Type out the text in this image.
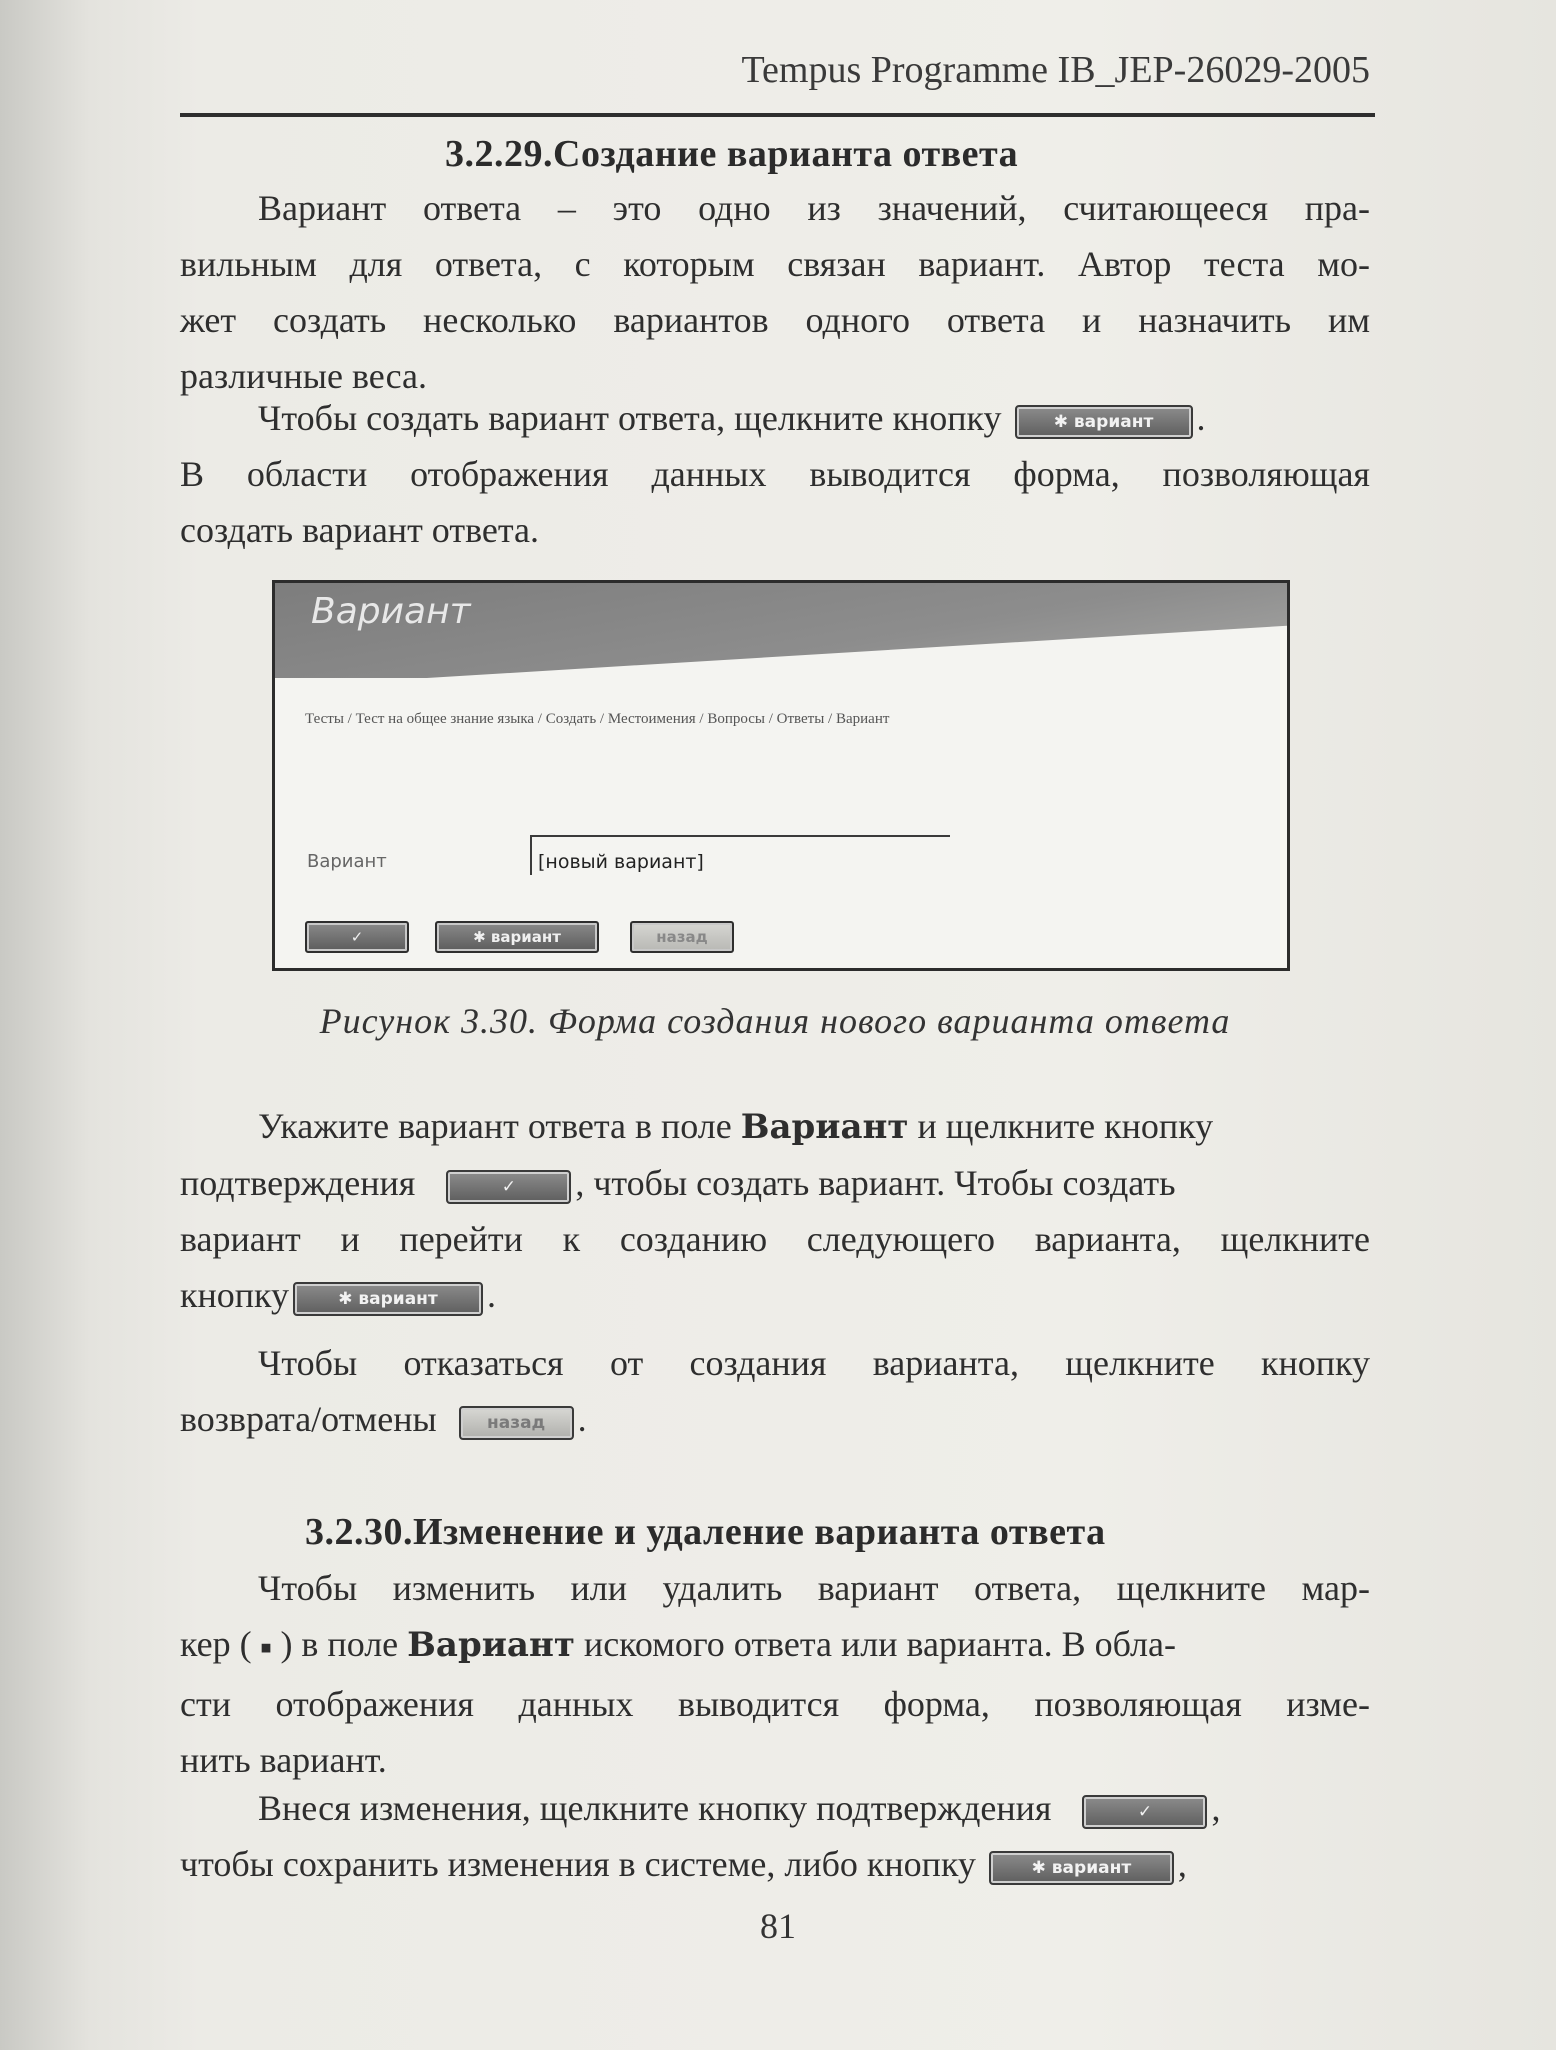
Tempus Programme IB_JEP-26029-2005
3.2.29.Создание варианта ответа
Вариант ответа – это одно из значений, считающееся пра-
вильным для ответа, с которым связан вариант. Автор теста мо-
жет создать несколько вариантов одного ответа и назначить им
различные веса.
Чтобы создать вариант ответа, щелкните кнопку	✱ вариант .
В области отображения данных выводится форма, позволяющая
создать вариант ответа.
Вариант
Тесты / Тест на общее знание языка / Создать / Местоимения / Вопросы / Ответы / Вариант
Вариант	[новый вариант]
✓	✱ вариант	назад
Рисунок 3.30. Форма создания нового варианта ответа
Укажите вариант ответа в поле Вариант и щелкните кнопку
подтверждения	✓ , чтобы создать вариант. Чтобы создать
вариант и перейти к созданию следующего варианта, щелкните
кнопку	✱ вариант .
Чтобы отказаться от создания варианта, щелкните кнопку
возврата/отмены	назад .
3.2.30.Изменение и удаление варианта ответа
Чтобы изменить или удалить вариант ответа, щелкните мар-
кер ( ■ ) в поле Вариант искомого ответа или варианта. В обла-
сти отображения данных выводится форма, позволяющая изме-
нить вариант.
Внеся изменения, щелкните кнопку подтверждения	✓ ,
чтобы сохранить изменения в системе, либо кнопку	✱ вариант ,
81
